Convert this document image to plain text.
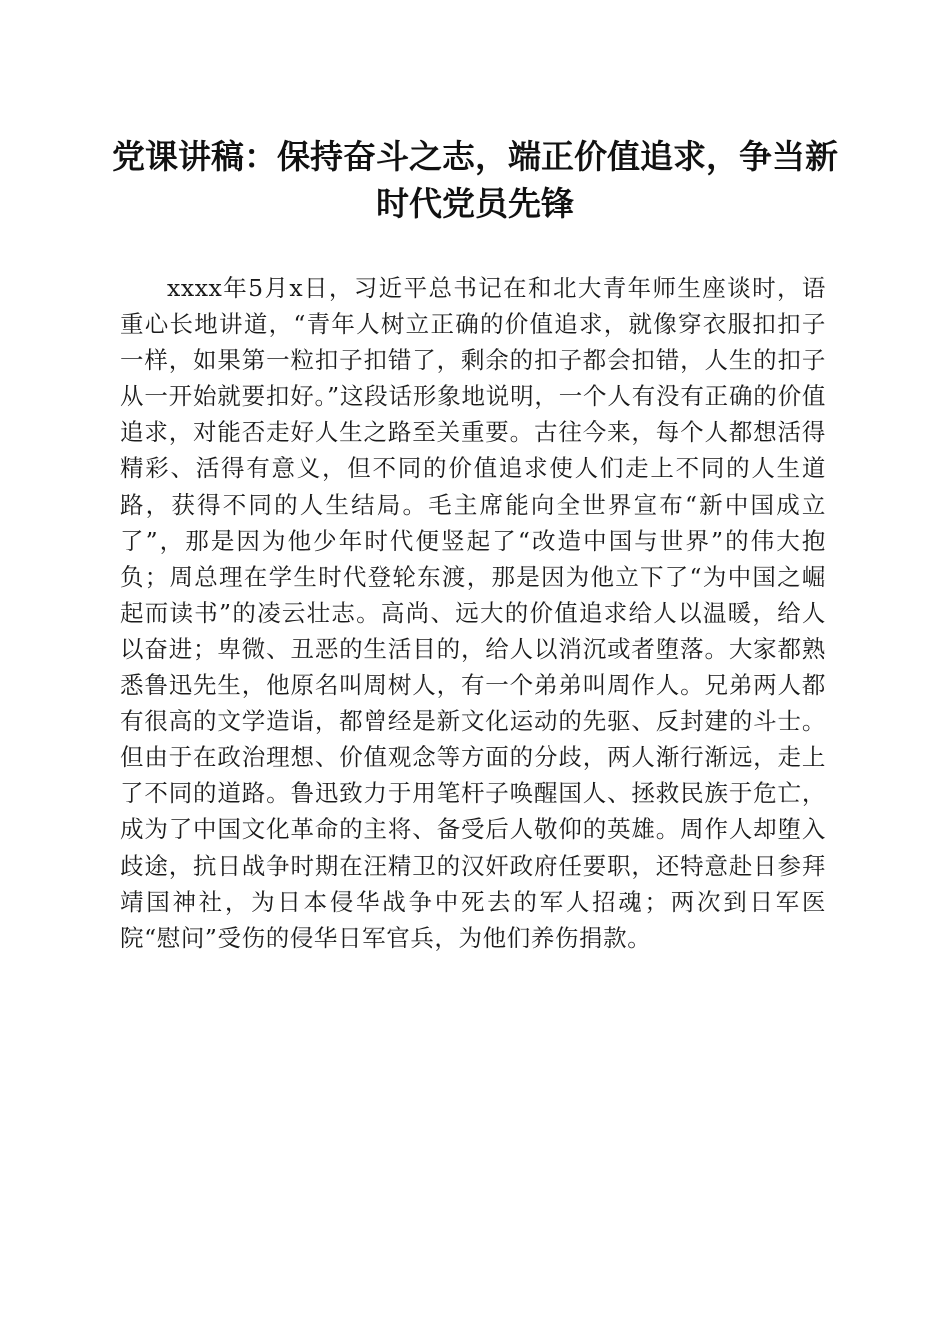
党课讲稿：保持奋斗之志，端正价值追求，争当新时代党员先锋

xxxx年5月x日，习近平总书记在和北大青年师生座谈时，语重心长地讲道，“青年人树立正确的价值追求，就像穿衣服扣扣子一样，如果第一粒扣子扣错了，剩余的扣子都会扣错，人生的扣子从一开始就要扣好。”这段话形象地说明，一个人有没有正确的价值追求，对能否走好人生之路至关重要。古往今来，每个人都想活得精彩、活得有意义，但不同的价值追求使人们走上不同的人生道路，获得不同的人生结局。毛主席能向全世界宣布“新中国成立了”，那是因为他少年时代便竖起了“改造中国与世界”的伟大抱负；周总理在学生时代登轮东渡，那是因为他立下了“为中国之崛起而读书”的凌云壮志。高尚、远大的价值追求给人以温暖，给人以奋进；卑微、丑恶的生活目的，给人以消沉或者堕落。大家都熟悉鲁迅先生，他原名叫周树人，有一个弟弟叫周作人。兄弟两人都有很高的文学造诣，都曾经是新文化运动的先驱、反封建的斗士。但由于在政治理想、价值观念等方面的分歧，两人渐行渐远，走上了不同的道路。鲁迅致力于用笔杆子唤醒国人、拯救民族于危亡，成为了中国文化革命的主将、备受后人敬仰的英雄。周作人却堕入歧途，抗日战争时期在汪精卫的汉奸政府任要职，还特意赴日参拜靖国神社，为日本侵华战争中死去的军人招魂；两次到日军医院“慰问”受伤的侵华日军官兵，为他们养伤捐款。
